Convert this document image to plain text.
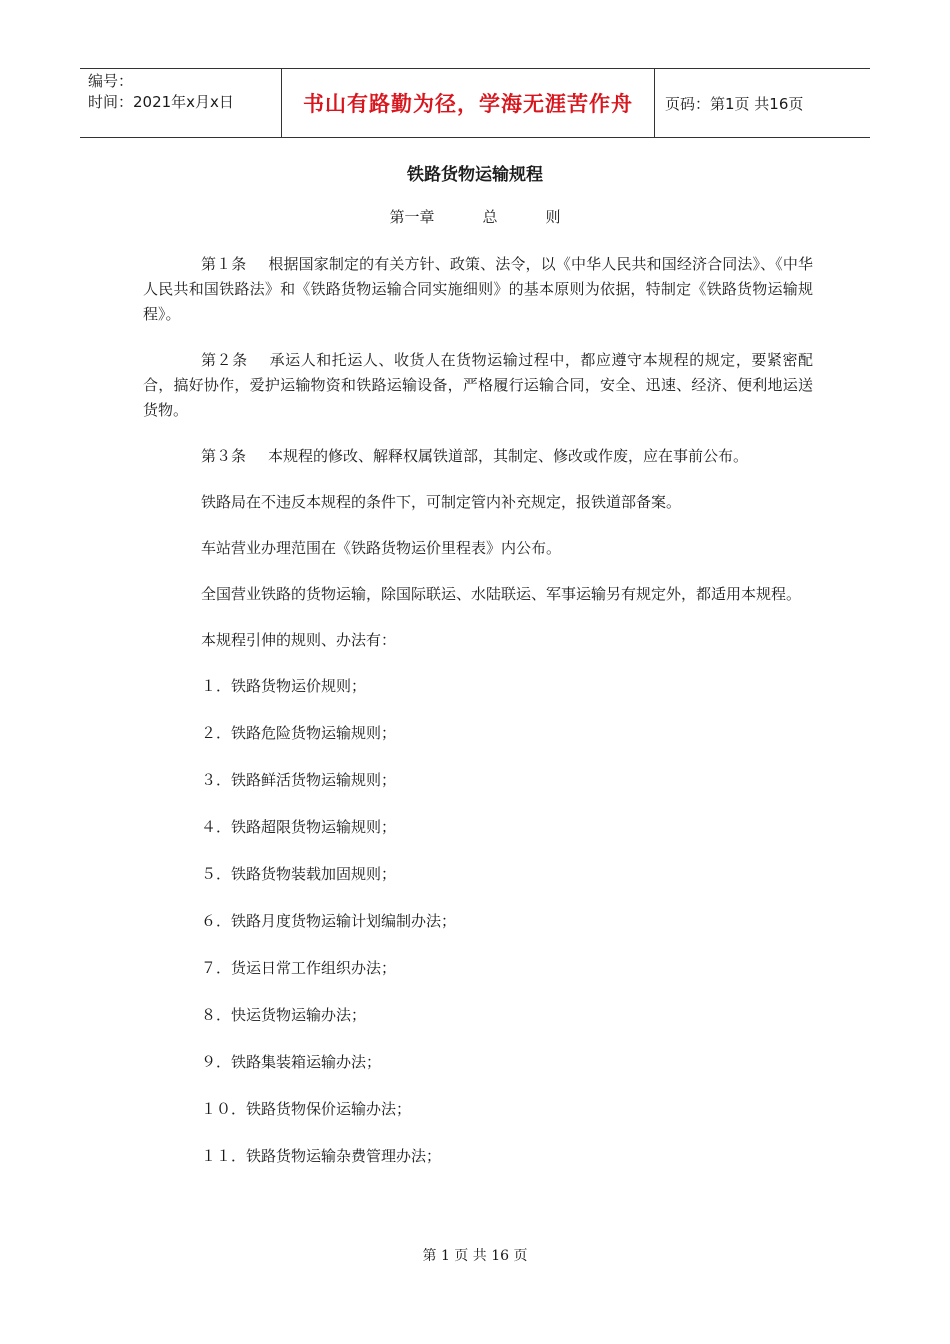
编号：
时间：2021年x月x日	书山有路勤为径，学海无涯苦作舟	页码：第1页 共16页
铁路货物运输规程
第一章	总	则

第１条 根据国家制定的有关方针、政策、法令，以《中华人民共和国经济合同法》、《中华人民共和国铁路法》和《铁路货物运输合同实施细则》的基本原则为依据，特制定《铁路货物运输规程》。

第２条 承运人和托运人、收货人在货物运输过程中，都应遵守本规程的规定，要紧密配合，搞好协作，爱护运输物资和铁路运输设备，严格履行运输合同，安全、迅速、经济、便利地运送货物。

第３条 本规程的修改、解释权属铁道部，其制定、修改或作废，应在事前公布。

铁路局在不违反本规程的条件下，可制定管内补充规定，报铁道部备案。

车站营业办理范围在《铁路货物运价里程表》内公布。

全国营业铁路的货物运输，除国际联运、水陆联运、军事运输另有规定外，都适用本规程。

本规程引伸的规则、办法有：

１．铁路货物运价规则；
２．铁路危险货物运输规则；
３．铁路鲜活货物运输规则；
４．铁路超限货物运输规则；
５．铁路货物装载加固规则；
６．铁路月度货物运输计划编制办法；
７．货运日常工作组织办法；
８．快运货物运输办法；
９．铁路集装箱运输办法；
１０．铁路货物保价运输办法；
１１．铁路货物运输杂费管理办法；
第 1 页 共 16 页
